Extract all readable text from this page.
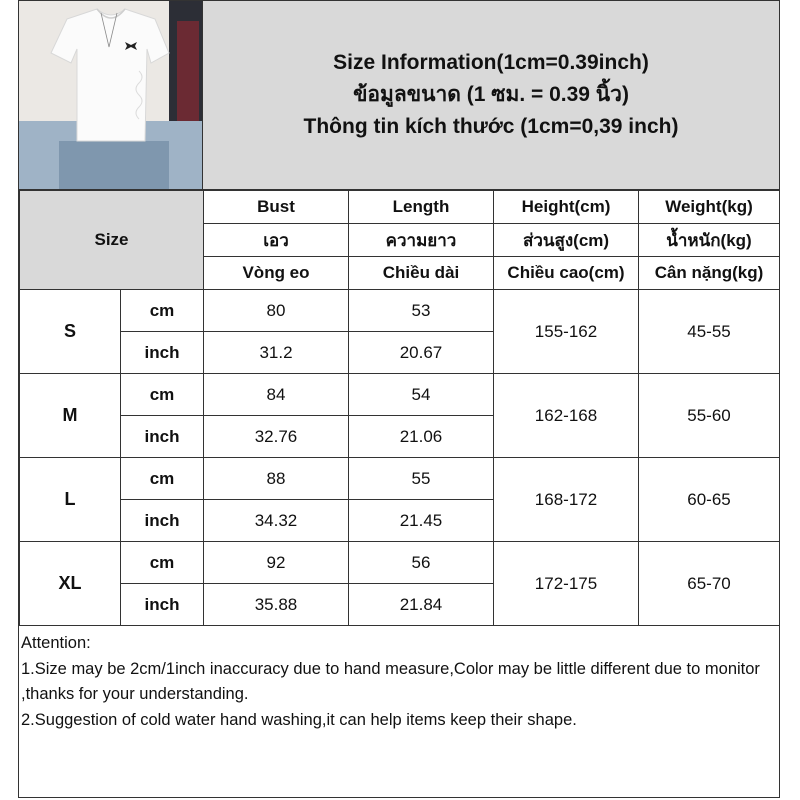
Size Information(1cm=0.39inch)
ข้อมูลขนาด (1 ซม. = 0.39 นิ้ว)
Thông tin kích thước (1cm=0,39 inch)
Size		Bust	Length	Height(cm)	Weight(kg)
		เอว	ความยาว	ส่วนสูง(cm)	น้ำหนัก(kg)
		Vòng eo	Chiều dài	Chiều cao(cm)	Cân nặng(kg)
S	cm	80	53	155-162	45-55
	inch	31.2	20.67		
M	cm	84	54	162-168	55-60
	inch	32.76	21.06		
L	cm	88	55	168-172	60-65
	inch	34.32	21.45		
XL	cm	92	56	172-175	65-70
	inch	35.88	21.84		
Attention:
1.Size may be 2cm/1inch inaccuracy due to hand measure,Color may be little different due to monitor ,thanks for your understanding.
2.Suggestion of cold water hand washing,it can help items keep their shape.
